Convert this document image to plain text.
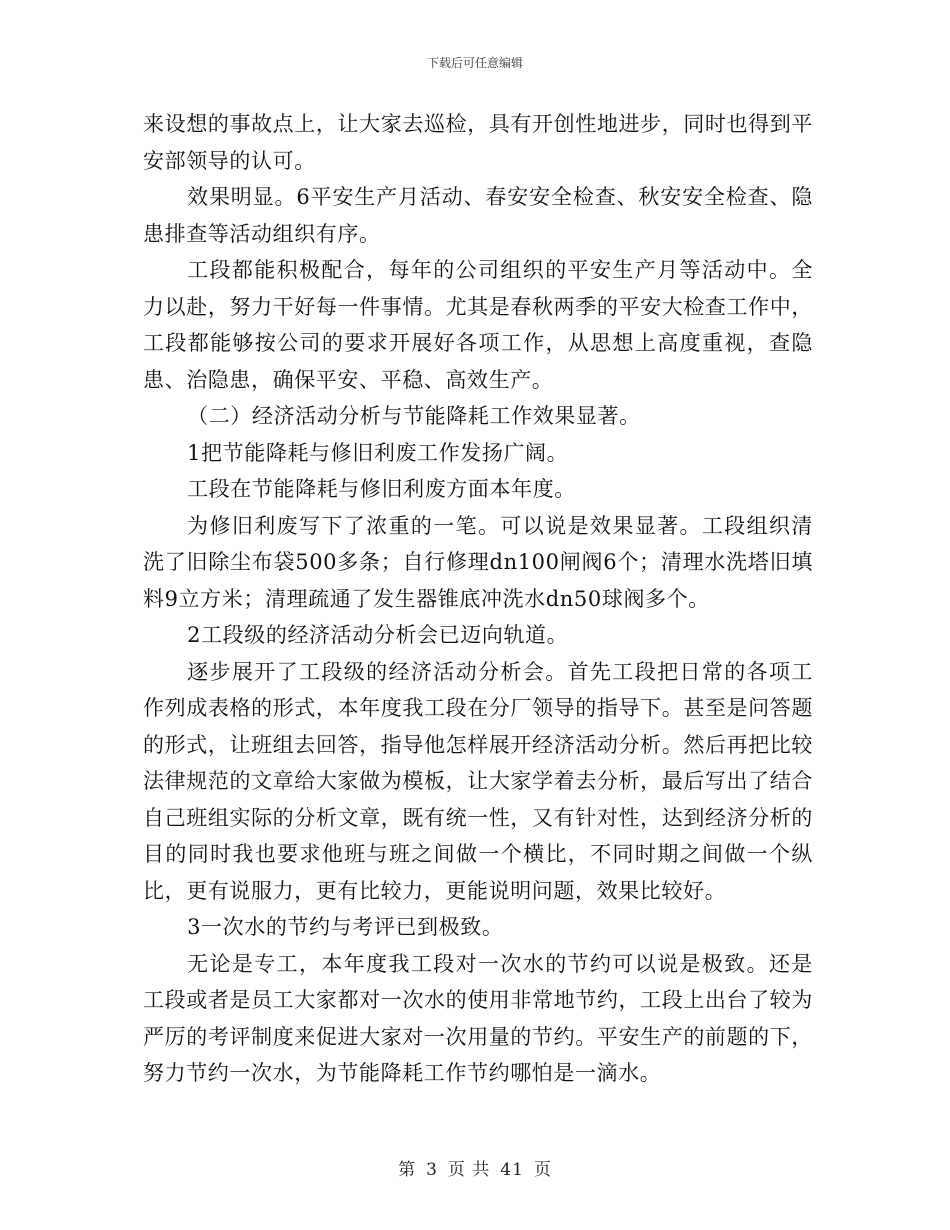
下载后可任意编辑

来设想的事故点上，让大家去巡检，具有开创性地进步，同时也得到平安部领导的认可。

效果明显。6平安生产月活动、春安安全检查、秋安安全检查、隐患排查等活动组织有序。

工段都能积极配合，每年的公司组织的平安生产月等活动中。全力以赴，努力干好每一件事情。尤其是春秋两季的平安大检查工作中，工段都能够按公司的要求开展好各项工作，从思想上高度重视，查隐患、治隐患，确保平安、平稳、高效生产。

（二）经济活动分析与节能降耗工作效果显著。

1把节能降耗与修旧利废工作发扬广阔。

工段在节能降耗与修旧利废方面本年度。

为修旧利废写下了浓重的一笔。可以说是效果显著。工段组织清洗了旧除尘布袋500多条；自行修理dn100闸阀6个；清理水洗塔旧填料9立方米；清理疏通了发生器锥底冲洗水dn50球阀多个。

2工段级的经济活动分析会已迈向轨道。

逐步展开了工段级的经济活动分析会。首先工段把日常的各项工作列成表格的形式，本年度我工段在分厂领导的指导下。甚至是问答题的形式，让班组去回答，指导他怎样展开经济活动分析。然后再把比较法律规范的文章给大家做为模板，让大家学着去分析，最后写出了结合自己班组实际的分析文章，既有统一性，又有针对性，达到经济分析的目的同时我也要求他班与班之间做一个横比，不同时期之间做一个纵比，更有说服力，更有比较力，更能说明问题，效果比较好。

3一次水的节约与考评已到极致。

无论是专工，本年度我工段对一次水的节约可以说是极致。还是工段或者是员工大家都对一次水的使用非常地节约，工段上出台了较为严厉的考评制度来促进大家对一次用量的节约。平安生产的前题的下，努力节约一次水，为节能降耗工作节约哪怕是一滴水。

第 3 页 共 41 页
